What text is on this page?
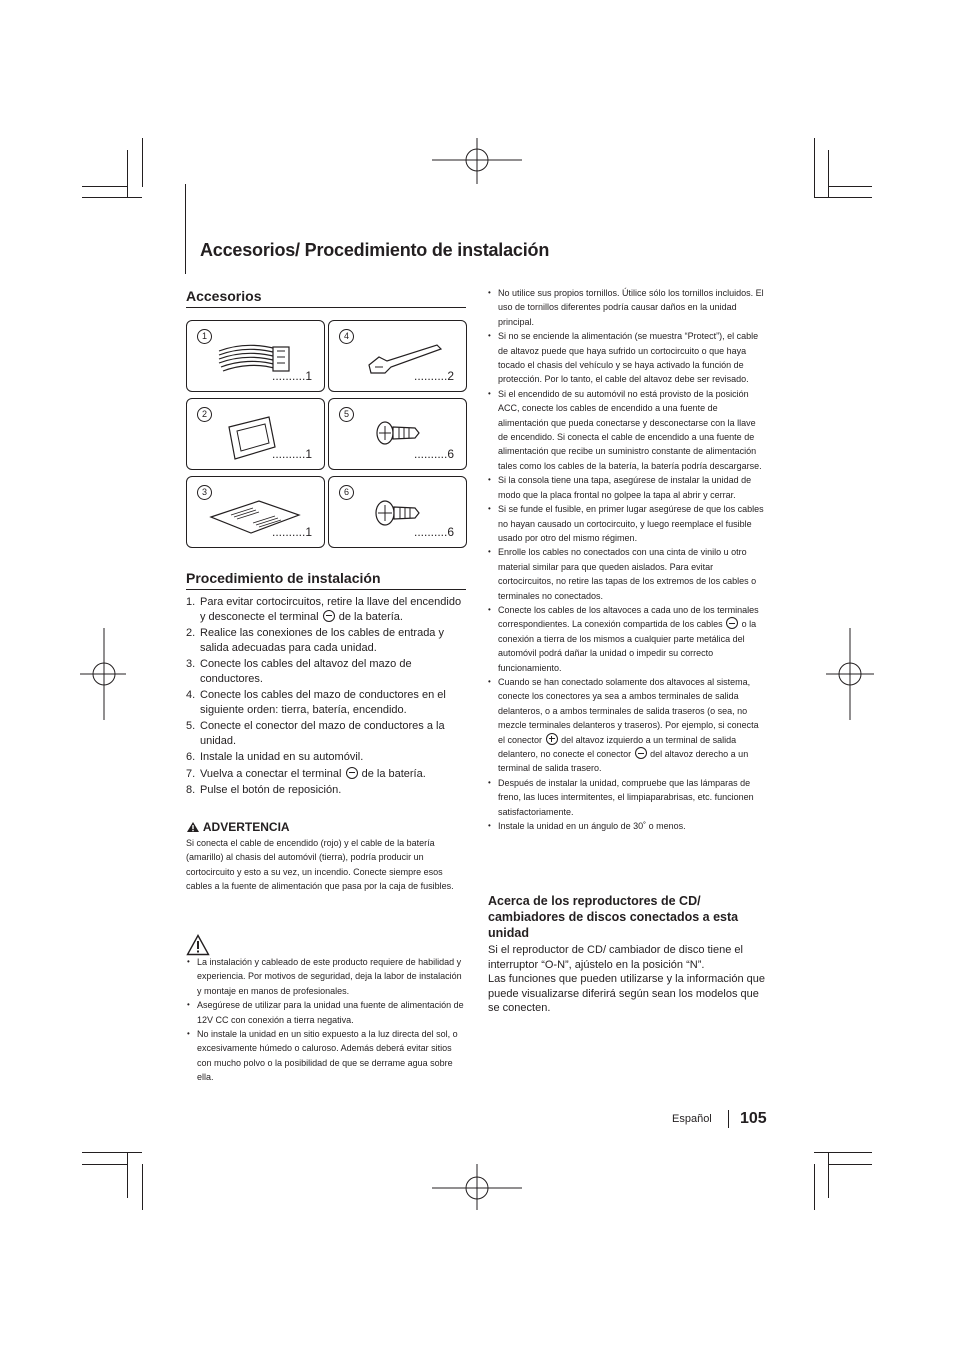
Accesorios/ Procedimiento de instalación
Accesorios
1
..........1
4
..........2
2
..........1
5
..........6
3
..........1
6
..........6
Procedimiento de instalación
1. Para evitar cortocircuitos, retire la llave del encendido y desconecte el terminal de la batería.
2. Realice las conexiones de los cables de entrada y salida adecuadas para cada unidad.
3. Conecte los cables del altavoz del mazo de conductores.
4. Conecte los cables del mazo de conductores en el siguiente orden: tierra, batería, encendido.
5. Conecte el conector del mazo de conductores a la unidad.
6. Instale la unidad en su automóvil.
7. Vuelva a conectar el terminal de la batería.
8. Pulse el botón de reposición.
ADVERTENCIA
Si conecta el cable de encendido (rojo) y el cable de la batería (amarillo) al chasis del automóvil (tierra), podría producir un cortocircuito y esto a su vez, un incendio. Conecte siempre esos cables a la fuente de alimentación que pasa por la caja de fusibles.
• La instalación y cableado de este producto requiere de habilidad y experiencia. Por motivos de seguridad, deja la labor de instalación y montaje en manos de profesionales.
• Asegúrese de utilizar para la unidad una fuente de alimentación de 12V CC con conexión a tierra negativa.
• No instale la unidad en un sitio expuesto a la luz directa del sol, o excesivamente húmedo o caluroso. Además deberá evitar sitios con mucho polvo o la posibilidad de que se derrame agua sobre ella.
• No utilice sus propios tornillos. Útilice sólo los tornillos incluidos. El uso de tornillos diferentes podría causar daños en la unidad principal.
• Si no se enciende la alimentación (se muestra “Protect”), el cable de altavoz puede que haya sufrido un cortocircuito o que haya tocado el chasis del vehículo y se haya activado la función de protección. Por lo tanto, el cable del altavoz debe ser revisado.
• Si el encendido de su automóvil no está provisto de la posición ACC, conecte los cables de encendido a una fuente de alimentación que pueda conectarse y desconectarse con la llave de encendido. Si conecta el cable de encendido a una fuente de alimentación que recibe un suministro constante de alimentación tales como los cables de la batería, la batería podría descargarse.
• Si la consola tiene una tapa, asegúrese de instalar la unidad de modo que la placa frontal no golpee la tapa al abrir y cerrar.
• Si se funde el fusible, en primer lugar asegúrese de que los cables no hayan causado un cortocircuito, y luego reemplace el fusible usado por otro del mismo régimen.
• Enrolle los cables no conectados con una cinta de vinilo u otro material similar para que queden aislados. Para evitar cortocircuitos, no retire las tapas de los extremos de los cables o terminales no conectados.
• Conecte los cables de los altavoces a cada uno de los terminales correspondientes. La conexión compartida de los cables o la conexión a tierra de los mismos a cualquier parte metálica del automóvil podrá dañar la unidad o impedir su correcto funcionamiento.
• Cuando se han conectado solamente dos altavoces al sistema, conecte los conectores ya sea a ambos terminales de salida delanteros, o a ambos terminales de salida traseros (o sea, no mezcle terminales delanteros y traseros). Por ejemplo, si conecta el conector del altavoz izquierdo a un terminal de salida delantero, no conecte el conector del altavoz derecho a un terminal de salida trasero.
• Después de instalar la unidad, compruebe que las lámparas de freno, las luces intermitentes, el limpiaparabrisas, etc. funcionen satisfactoriamente.
• Instale la unidad en un ángulo de 30˚ o menos.
Acerca de los reproductores de CD/ cambiadores de discos conectados a esta unidad
Si el reproductor de CD/ cambiador de disco tiene el interruptor “O-N”, ajústelo en la posición “N”.
Las funciones que pueden utilizarse y la información que puede visualizarse diferirá según sean los modelos que se conecten.
Español 105
